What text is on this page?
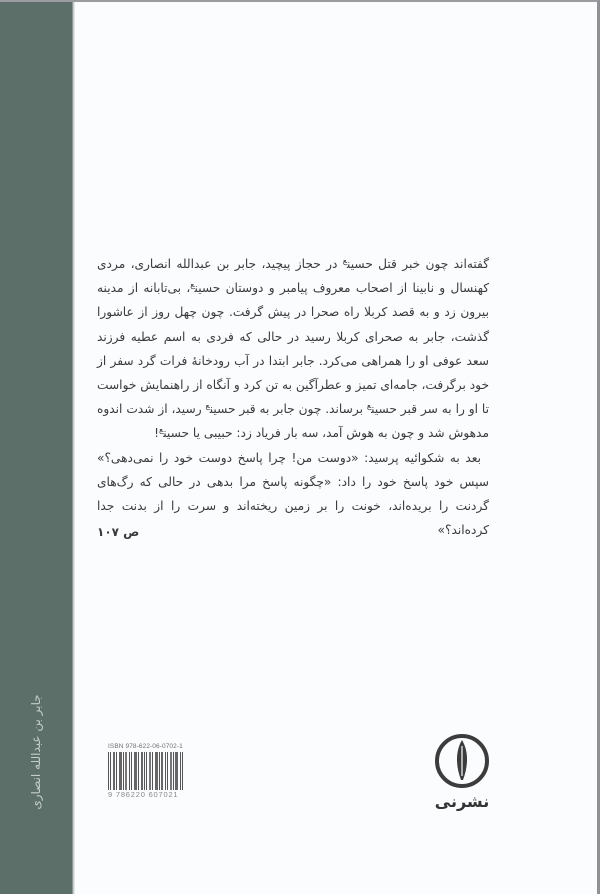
جابر بن عبدالله انصاری

گفته‌اند چون خبر قتل حسین$^ع$ در حجاز پیچید، جابر بن عبدالله انصاری، مردی کهنسال و نابینا از اصحاب معروف پیامبر و دوستان حسین$^ع$، بی‌تابانه از مدینه بیرون زد و به قصد کربلا راه صحرا در پیش گرفت. چون چهل روز از عاشورا گذشت، جابر به صحرای کربلا رسید در حالی که فردی به اسم عطیه فرزند سعد عوفی او را همراهی می‌کرد. جابر ابتدا در آب رودخانهٔ فرات گرد سفر از خود برگرفت، جامه‌ای تمیز و عطرآگین به تن کرد و آنگاه از راهنمایش خواست تا او را به سر قبر حسین$^ع$ برساند. چون جابر به قبر حسین$^ع$ رسید، از شدت اندوه مدهوش شد و چون به هوش آمد، سه بار فریاد زد: حبیبی یا حسین$^ع$!

بعد به شکوائیه پرسید: «دوست من! چرا پاسخ دوست خود را نمی‌دهی؟» سپس خود پاسخ خود را داد: «چگونه پاسخ مرا بدهی در حالی که رگ‌های گردنت را بریده‌اند، خونت را بر زمین ریخته‌اند و سرت را از بدنت جدا کرده‌اند؟»

ص ۱۰۷
ISBN 978-622-06-0702-1
9 786220 607021	نشرنی
